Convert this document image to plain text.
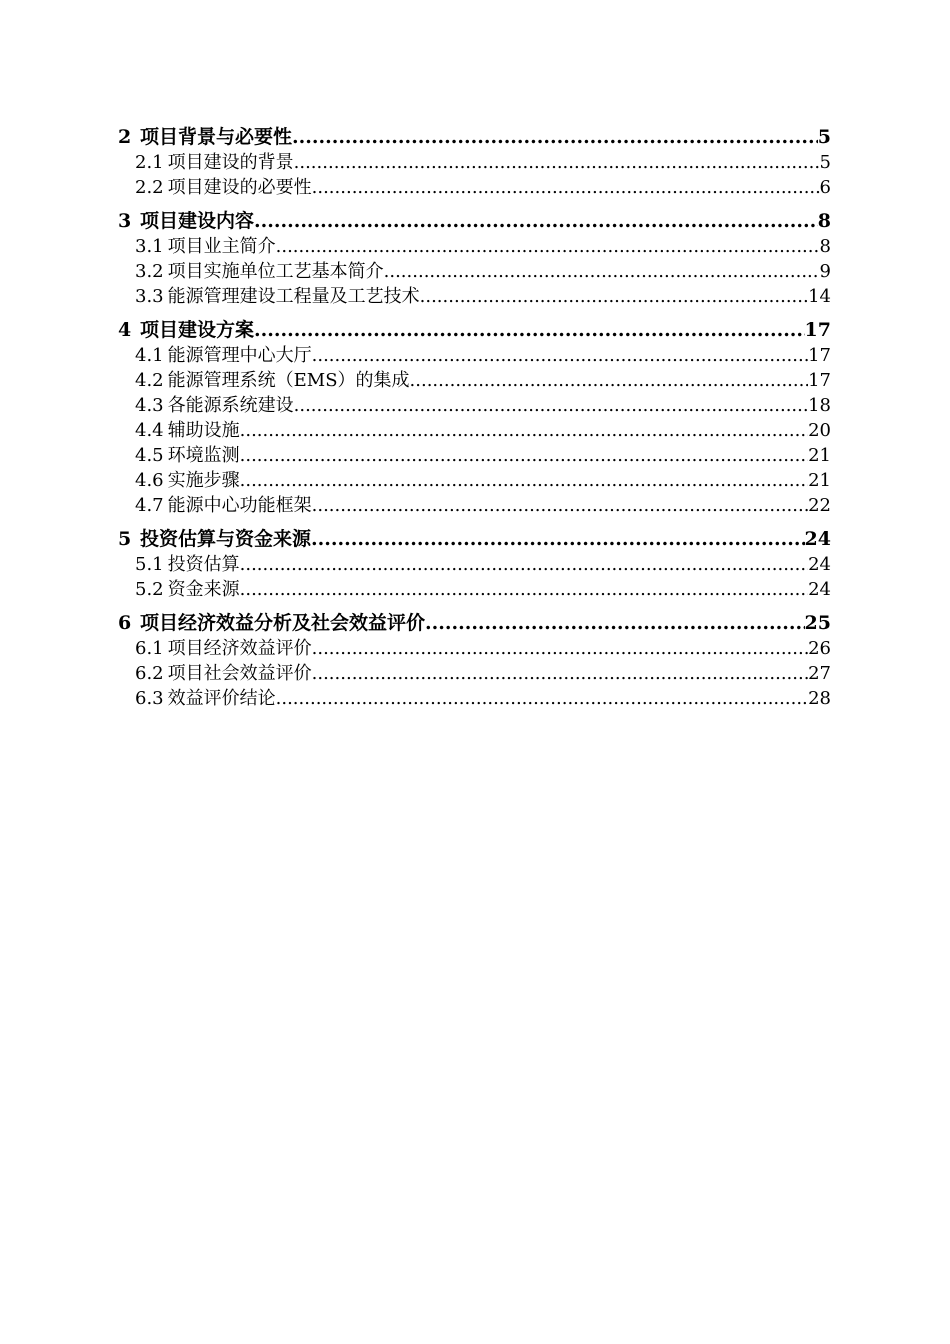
2 项目背景与必要性 .....	5
2.1 项目建设的背景 .....	5
2.2 项目建设的必要性 .....	6
3 项目建设内容 .....	8
3.1 项目业主简介 .....	8
3.2 项目实施单位工艺基本简介 .....	9
3.3 能源管理建设工程量及工艺技术 .....	14
4 项目建设方案 .....	17
4.1 能源管理中心大厅 .....	17
4.2 能源管理系统（EMS）的集成 .....	17
4.3 各能源系统建设 .....	18
4.4 辅助设施 .....	20
4.5 环境监测 .....	21
4.6 实施步骤 .....	21
4.7 能源中心功能框架 .....	22
5 投资估算与资金来源 .....	24
5.1 投资估算 .....	24
5.2 资金来源 .....	24
6 项目经济效益分析及社会效益评价 .....	25
6.1 项目经济效益评价 .....	26
6.2 项目社会效益评价 .....	27
6.3 效益评价结论 .....	28
